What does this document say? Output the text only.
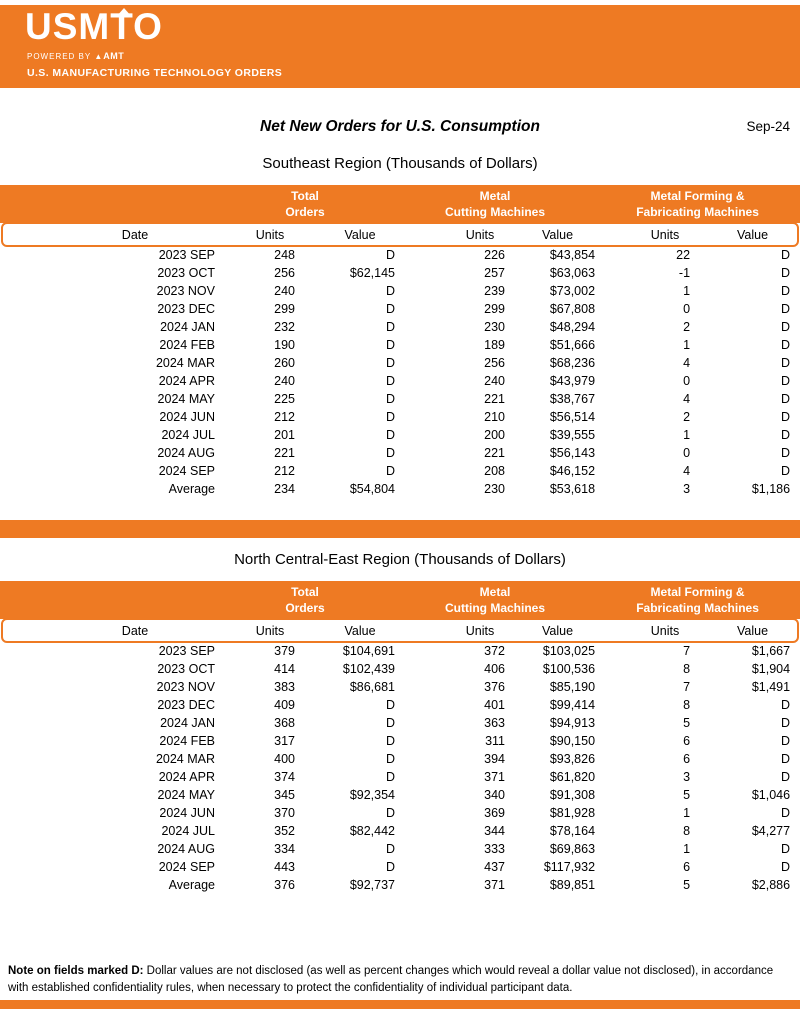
USMTO
POWERED BY ▲AMT
U.S. MANUFACTURING TECHNOLOGY ORDERS
Net New Orders for U.S. Consumption	Sep-24
Southeast Region (Thousands of Dollars)
	Total
Orders		Metal
Cutting Machines		Metal Forming &
Fabricating Machines	
Date	Units	Value	Units	Value	Units	Value
2023 SEP	248	D	226	$43,854	22	D
2023 OCT	256	$62,145	257	$63,063	-1	D
2023 NOV	240	D	239	$73,002	1	D
2023 DEC	299	D	299	$67,808	0	D
2024 JAN	232	D	230	$48,294	2	D
2024 FEB	190	D	189	$51,666	1	D
2024 MAR	260	D	256	$68,236	4	D
2024 APR	240	D	240	$43,979	0	D
2024 MAY	225	D	221	$38,767	4	D
2024 JUN	212	D	210	$56,514	2	D
2024 JUL	201	D	200	$39,555	1	D
2024 AUG	221	D	221	$56,143	0	D
2024 SEP	212	D	208	$46,152	4	D
Average	234	$54,804	230	$53,618	3	$1,186
North Central-East Region (Thousands of Dollars)
	Total
Orders		Metal
Cutting Machines		Metal Forming &
Fabricating Machines	
Date	Units	Value	Units	Value	Units	Value
2023 SEP	379	$104,691	372	$103,025	7	$1,667
2023 OCT	414	$102,439	406	$100,536	8	$1,904
2023 NOV	383	$86,681	376	$85,190	7	$1,491
2023 DEC	409	D	401	$99,414	8	D
2024 JAN	368	D	363	$94,913	5	D
2024 FEB	317	D	311	$90,150	6	D
2024 MAR	400	D	394	$93,826	6	D
2024 APR	374	D	371	$61,820	3	D
2024 MAY	345	$92,354	340	$91,308	5	$1,046
2024 JUN	370	D	369	$81,928	1	D
2024 JUL	352	$82,442	344	$78,164	8	$4,277
2024 AUG	334	D	333	$69,863	1	D
2024 SEP	443	D	437	$117,932	6	D
Average	376	$92,737	371	$89,851	5	$2,886
Note on fields marked D: Dollar values are not disclosed (as well as percent changes which would reveal a dollar value not disclosed), in accordance with established confidentiality rules, when necessary to protect the confidentiality of individual participant data.
